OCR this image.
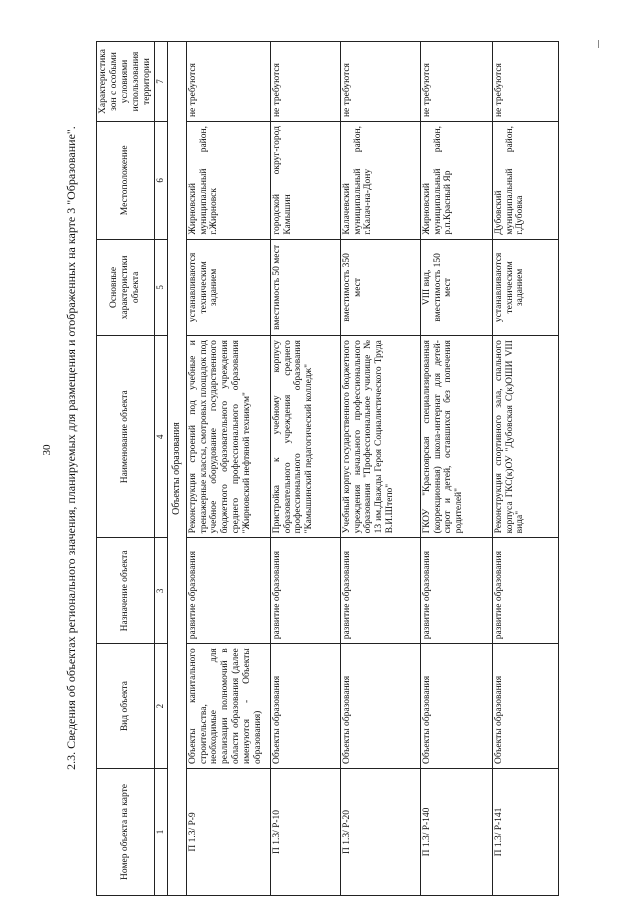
30 2.3. Сведения об объектах регионального значения, планируемых для размещения и отображенных на карте 3 "Образование".
Номер объекта на карте	Вид объекта	Назначение объекта	Наименование объекта	Основные характеристики объекта	Местоположение	Характеристика зон с особыми условиями использования территории
1	2	3	4	5	6	7
Объекты образования						
П 1.3/ Р-9	Объекты капитального строительства, необходимые для реализации полномочий в области образования (далее именуются - Объекты образования)	развитие образования	Реконструкция строений под учебные и тренажерные классы, смотровых площадок под учебное оборудование государственного бюджетного образовательного учреждения среднего профессионального образования "Жирновский нефтяной техникум"	устанавливаются техническим заданием	Жирновский муниципальный район, г.Жирновск	не требуются
П 1.3/ Р-10	Объекты образования	развитие образования	Пристройка к учебному корпусу образовательного учреждения среднего профессионального образования "Камышинский педагогический колледж"	вместимость 50 мест	городской округ-город Камышин	не требуются
П 1.3/ Р-20	Объекты образования	развитие образования	Учебный корпус государственного бюджетного учреждения начального профессионального образования "Профессиональное училище № 13 им.Дважды Героя Социалистического Труда В.И.Штепо"	вместимость 350 мест	Калачевский муниципальный район, г.Калач-на-Дону	не требуются
П 1.3/ Р-140	Объекты образования	развитие образования	ГКОУ "Красноярская специализированная (коррекционная) школа-интернат для детей-сирот и детей, оставшихся без попечения родителей"	VIII вид, вместимость 150 мест	Жирновский муниципальный район, р.п.Красный Яр	не требуются
П 1.3/ Р-141	Объекты образования	развитие образования	Реконструкция спортивного зала, спального корпуса ГКС(к)ОУ "Дубовская С(к)ОШИ VIII вида"	устанавливаются техническим заданием	Дубовский муниципальный район, г.Дубовка	не требуются
